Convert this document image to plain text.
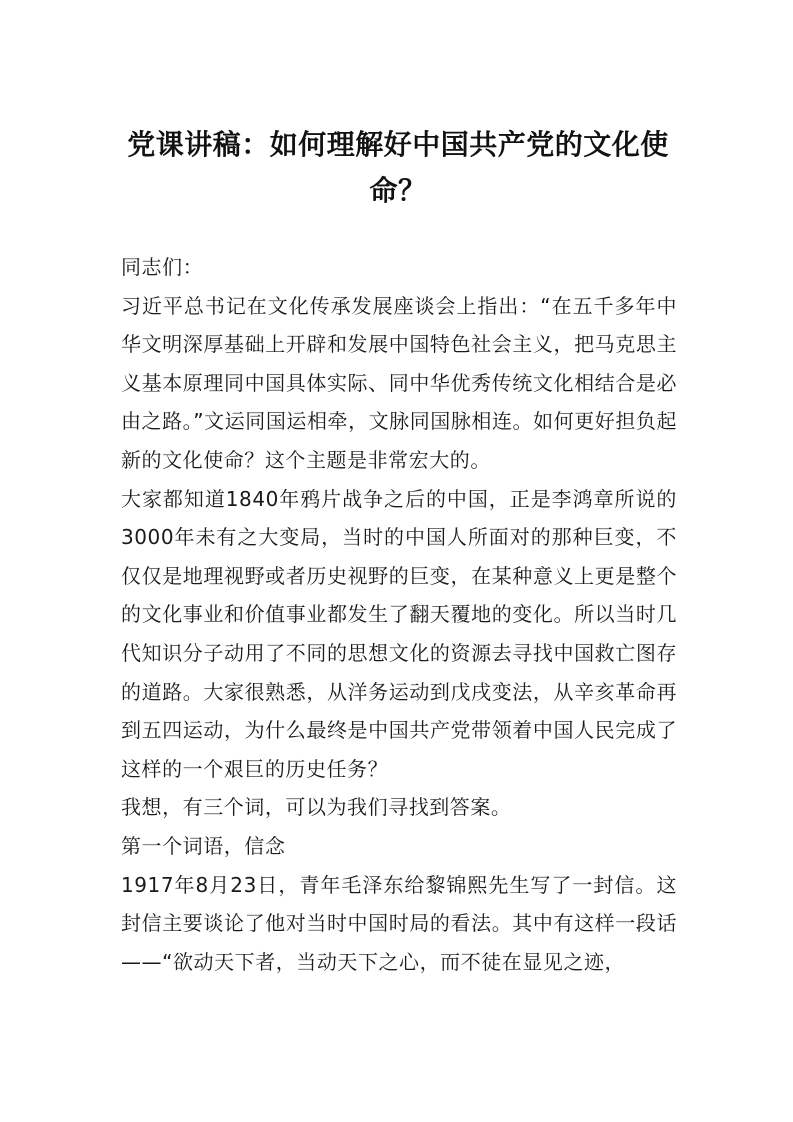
党课讲稿：如何理解好中国共产党的文化使命？

同志们：

习近平总书记在文化传承发展座谈会上指出：“在五千多年中华文明深厚基础上开辟和发展中国特色社会主义，把马克思主义基本原理同中国具体实际、同中华优秀传统文化相结合是必由之路。”文运同国运相牵，文脉同国脉相连。如何更好担负起新的文化使命？这个主题是非常宏大的。

大家都知道1840年鸦片战争之后的中国，正是李鸿章所说的3000年未有之大变局，当时的中国人所面对的那种巨变，不仅仅是地理视野或者历史视野的巨变，在某种意义上更是整个的文化事业和价值事业都发生了翻天覆地的变化。所以当时几代知识分子动用了不同的思想文化的资源去寻找中国救亡图存的道路。大家很熟悉，从洋务运动到戊戌变法，从辛亥革命再到五四运动，为什么最终是中国共产党带领着中国人民完成了这样的一个艰巨的历史任务？

我想，有三个词，可以为我们寻找到答案。

第一个词语，信念

1917年8月23日，青年毛泽东给黎锦熙先生写了一封信。这封信主要谈论了他对当时中国时局的看法。其中有这样一段话——“欲动天下者，当动天下之心，而不徒在显见之迹，
